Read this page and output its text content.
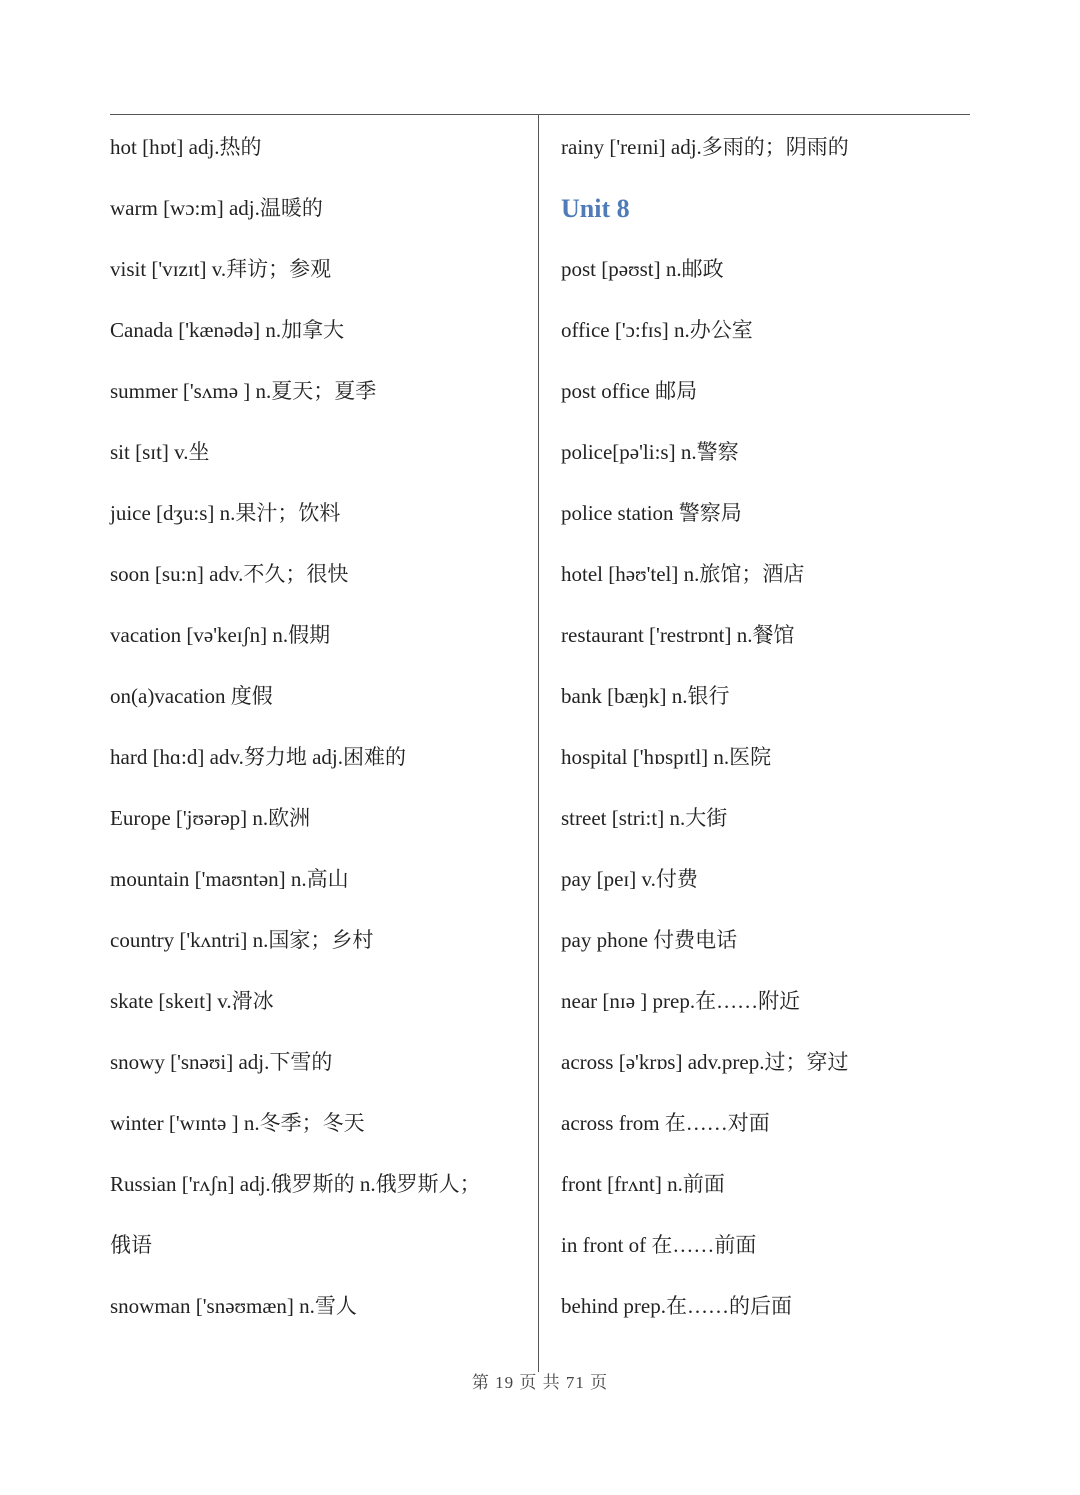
hot [hɒt] adj.热的
warm [wɔ:m] adj.温暖的
visit ['vɪzɪt] v.拜访；参观
Canada ['kænədə] n.加拿大
summer ['sʌmə ] n.夏天；夏季
sit [sɪt] v.坐
juice [dʒu:s] n.果汁；饮料
soon [su:n] adv.不久；很快
vacation [və'keɪʃn] n.假期
on(a)vacation 度假
hard [hɑ:d] adv.努力地 adj.困难的
Europe ['jʊərəp] n.欧洲
mountain ['maʊntən] n.高山
country ['kʌntri] n.国家；乡村
skate [skeɪt] v.滑冰
snowy ['snəʊi] adj.下雪的
winter ['wɪntə ] n.冬季；冬天
Russian ['rʌʃn] adj.俄罗斯的 n.俄罗斯人；
俄语
snowman ['snəʊmæn] n.雪人
rainy ['reɪni] adj.多雨的；阴雨的
Unit 8
post [pəʊst] n.邮政
office ['ɔ:fɪs] n.办公室
post office 邮局
police[pə'li:s] n.警察
police station 警察局
hotel [həʊ'tel] n.旅馆；酒店
restaurant ['restrɒnt] n.餐馆
bank [bæŋk] n.银行
hospital ['hɒspɪtl] n.医院
street [stri:t] n.大街
pay [peɪ] v.付费
pay phone 付费电话
near [nɪə ] prep.在……附近
across [ə'krɒs] adv.prep.过；穿过
across from 在……对面
front [frʌnt] n.前面
in front of 在……前面
behind prep.在……的后面
第 19 页 共 71 页
